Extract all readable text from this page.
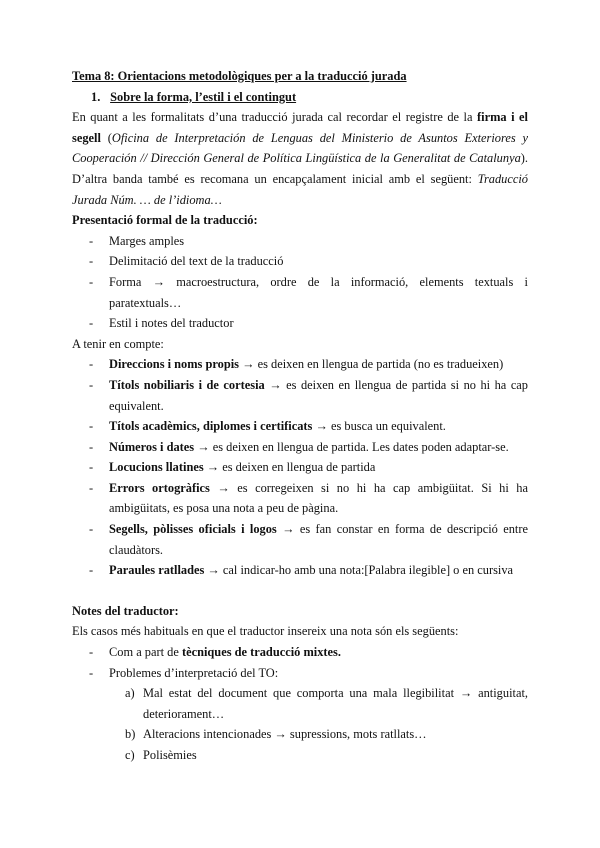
Tema 8: Orientacions metodològiques per a la traducció jurada
1. Sobre la forma, l’estil i el contingut
En quant a les formalitats d’una traducció jurada cal recordar el registre de la firma i el segell (Oficina de Interpretación de Lenguas del Ministerio de Asuntos Exteriores y Cooperación // Dirección General de Política Lingüística de la Generalitat de Catalunya). D’altra banda també es recomana un encapçalament inicial amb el següent: Traducció Jurada Núm. … de l’idioma…
Presentació formal de la traducció:
- Marges amples
- Delimitació del text de la traducció
- Forma → macroestructura, ordre de la informació, elements textuals i paratextuals…
- Estil i notes del traductor
A tenir en compte:
- Direccions i noms propis → es deixen en llengua de partida (no es tradueixen)
- Títols nobiliaris i de cortesia → es deixen en llengua de partida si no hi ha cap equivalent.
- Títols acadèmics, diplomes i certificats → es busca un equivalent.
- Números i dates → es deixen en llengua de partida. Les dates poden adaptar-se.
- Locucions llatines → es deixen en llengua de partida
- Errors ortogràfics → es corregeixen si no hi ha cap ambigüitat. Si hi ha ambigüitats, es posa una nota a peu de pàgina.
- Segells, pòlisses oficials i logos → es fan constar en forma de descripció entre claudàtors.
- Paraules ratllades → cal indicar-ho amb una nota:[Palabra ilegible] o en cursiva
Notes del traductor:
Els casos més habituals en que el traductor insereix una nota són els següents:
- Com a part de tècniques de traducció mixtes.
- Problemes d’interpretació del TO:
a) Mal estat del document que comporta una mala llegibilitat → antiguitat, deteriorament…
b) Alteracions intencionades → supressions, mots ratllats…
c) Polisèmies
